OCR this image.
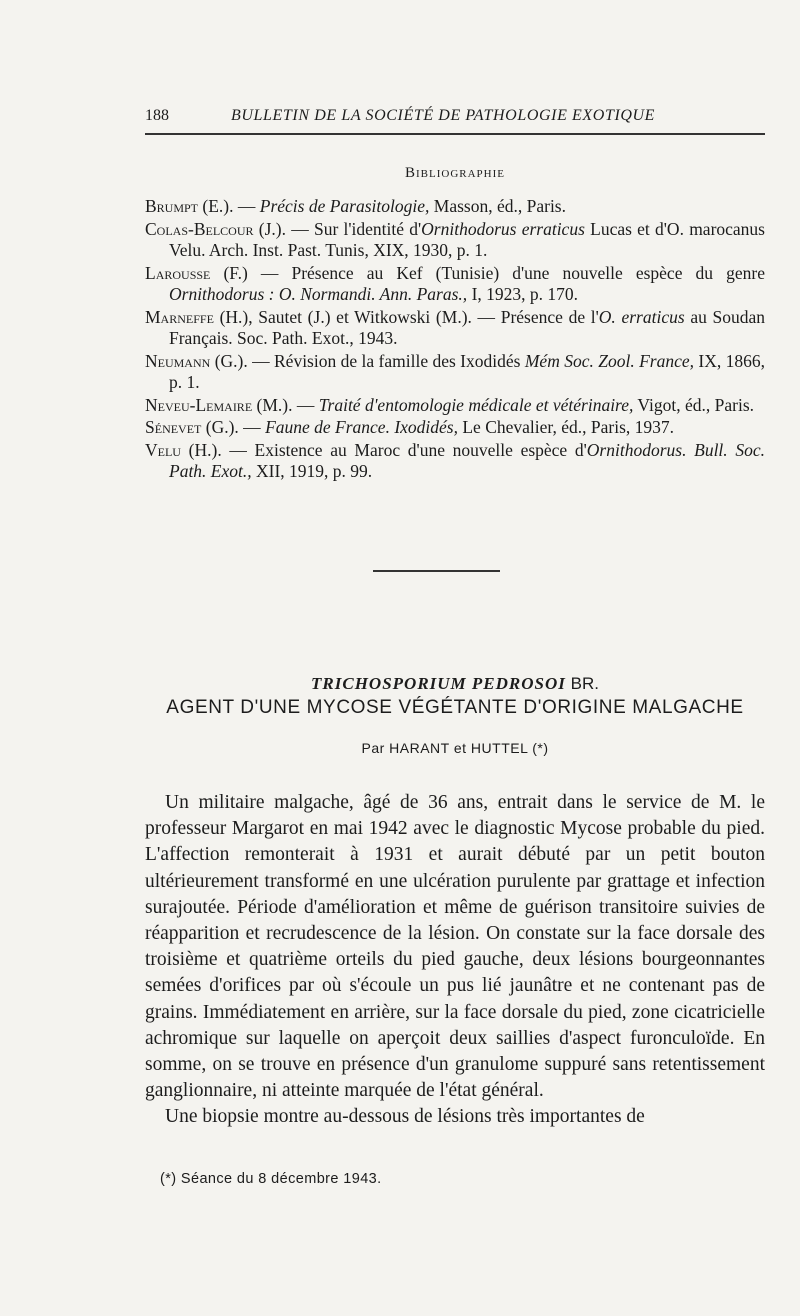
188	BULLETIN DE LA SOCIÉTÉ DE PATHOLOGIE EXOTIQUE
Bibliographie

Brumpt (E.). — Précis de Parasitologie, Masson, éd., Paris.

Colas-Belcour (J.). — Sur l'identité d'Ornithodorus erraticus Lucas et d'O. marocanus Velu. Arch. Inst. Past. Tunis, XIX, 1930, p. 1.

Larousse (F.) — Présence au Kef (Tunisie) d'une nouvelle espèce du genre Ornithodorus : O. Normandi. Ann. Paras., I, 1923, p. 170.

Marneffe (H.), Sautet (J.) et Witkowski (M.). — Présence de l'O. erraticus au Soudan Français. Soc. Path. Exot., 1943.

Neumann (G.). — Révision de la famille des Ixodidés Mém Soc. Zool. France, IX, 1866, p. 1.

Neveu-Lemaire (M.). — Traité d'entomologie médicale et vétérinaire, Vigot, éd., Paris.

Sénevet (G.). — Faune de France. Ixodidés, Le Chevalier, éd., Paris, 1937.

Velu (H.). — Existence au Maroc d'une nouvelle espèce d'Ornithodorus. Bull. Soc. Path. Exot., XII, 1919, p. 99.

TRICHOSPORIUM PEDROSOI BR.
AGENT D'UNE MYCOSE VÉGÉTANTE D'ORIGINE MALGACHE
Par HARANT et HUTTEL (*)

Un militaire malgache, âgé de 36 ans, entrait dans le service de M. le professeur Margarot en mai 1942 avec le diagnostic Mycose probable du pied. L'affection remonterait à 1931 et aurait débuté par un petit bouton ultérieurement transformé en une ulcération purulente par grattage et infection surajoutée. Période d'amélioration et même de guérison transitoire suivies de réapparition et recrudescence de la lésion. On constate sur la face dorsale des troisième et quatrième orteils du pied gauche, deux lésions bourgeonnantes semées d'orifices par où s'écoule un pus lié jaunâtre et ne contenant pas de grains. Immédiatement en arrière, sur la face dorsale du pied, zone cicatricielle achromique sur laquelle on aperçoit deux saillies d'aspect furonculoïde. En somme, on se trouve en présence d'un granulome suppuré sans retentissement ganglionnaire, ni atteinte marquée de l'état général.

Une biopsie montre au-dessous de lésions très importantes de

(*) Séance du 8 décembre 1943.
